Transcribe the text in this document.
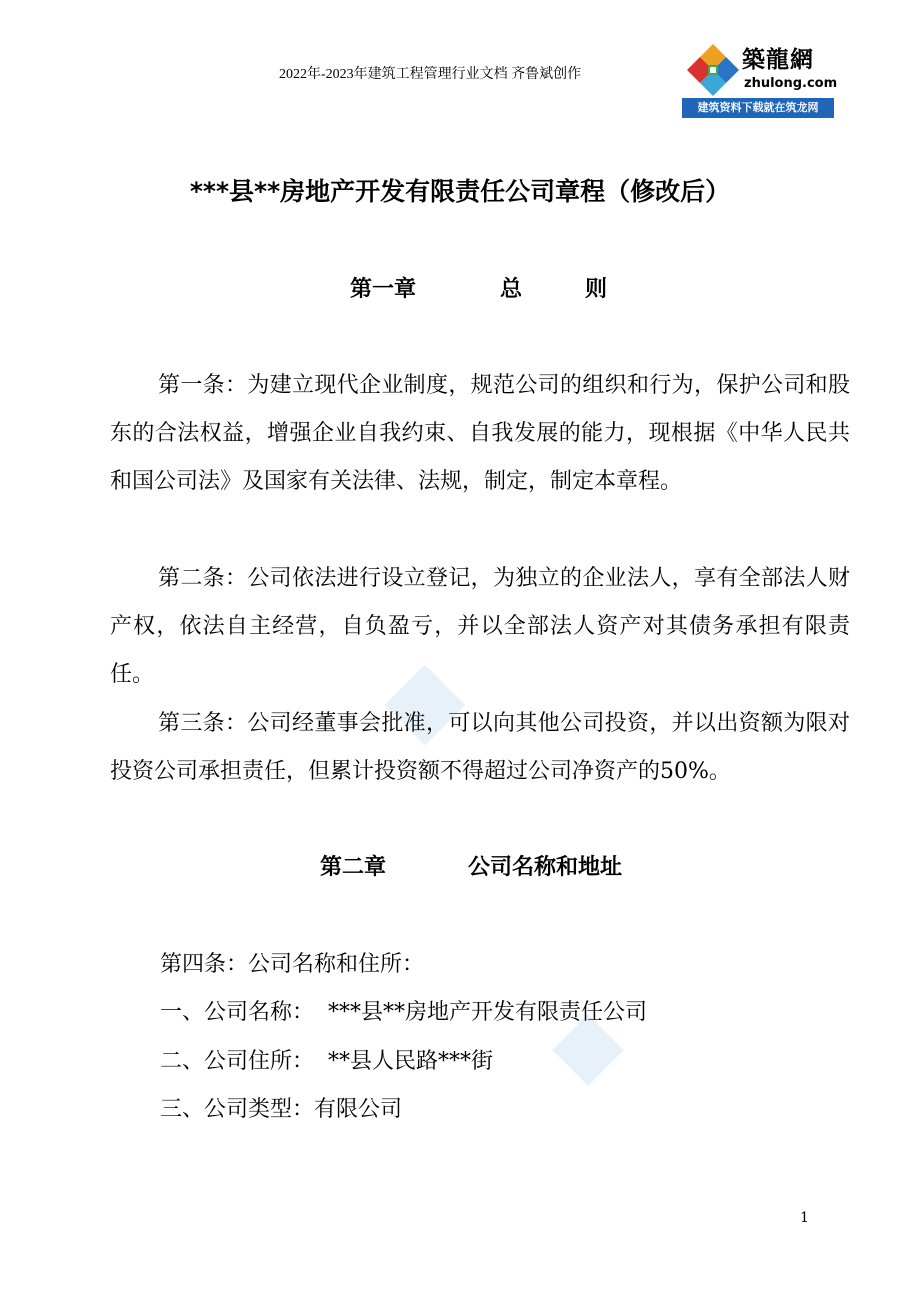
2022年-2023年建筑工程管理行业文档 齐鲁斌创作
築龍網
zhulong.com
建筑资料下载就在筑龙网
***县**房地产开发有限责任公司章程（修改后）
第一章	总	则

第一条：为建立现代企业制度，规范公司的组织和行为，保护公司和股东的合法权益，增强企业自我约束、自我发展的能力，现根据《中华人民共和国公司法》及国家有关法律、法规，制定，制定本章程。

第二条：公司依法进行设立登记，为独立的企业法人，享有全部法人财产权，依法自主经营，自负盈亏，并以全部法人资产对其债务承担有限责任。

第三条：公司经董事会批准，可以向其他公司投资，并以出资额为限对投资公司承担责任，但累计投资额不得超过公司净资产的50%。

第二章	公司名称和地址
第四条：公司名称和住所：
一、公司名称：  ***县**房地产开发有限责任公司
二、公司住所：  **县人民路***街
三、公司类型：有限公司
1
